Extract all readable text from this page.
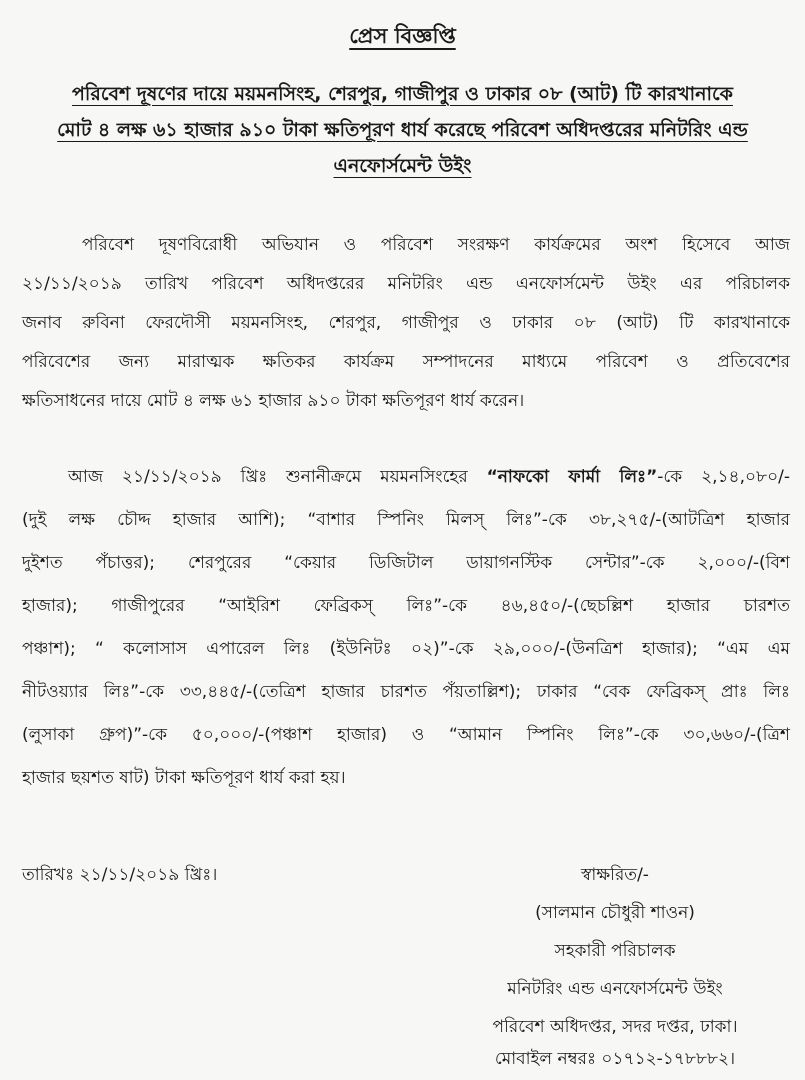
প্রেস বিজ্ঞপ্তি
পরিবেশ দূষণের দায়ে ময়মনসিংহ, শেরপুর, গাজীপুর ও ঢাকার ০৮ (আট) টি কারখানাকে
মোট ৪ লক্ষ ৬১ হাজার ৯১০ টাকা ক্ষতিপূরণ ধার্য করেছে পরিবেশ অধিদপ্তরের মনিটরিং এন্ড
এনফোর্সমেন্ট উইং
পরিবেশ দূষণবিরোধী অভিযান ও পরিবেশ সংরক্ষণ কার্যক্রমের অংশ হিসেবে আজ
২১/১১/২০১৯ তারিখ পরিবেশ অধিদপ্তরের মনিটরিং এন্ড এনফোর্সমেন্ট উইং এর পরিচালক
জনাব রুবিনা ফেরদৌসী ময়মনসিংহ, শেরপুর, গাজীপুর ও ঢাকার ০৮ (আট) টি কারখানাকে
পরিবেশের জন্য মারাত্মক ক্ষতিকর কার্যক্রম সম্পাদনের মাধ্যমে পরিবেশ ও প্রতিবেশের
ক্ষতিসাধনের দায়ে মোট ৪ লক্ষ ৬১ হাজার ৯১০ টাকা ক্ষতিপূরণ ধার্য করেন।
আজ ২১/১১/২০১৯ খ্রিঃ শুনানীক্রমে ময়মনসিংহের “নাফকো ফার্মা লিঃ”-কে ২,১৪,০৮০/-
(দুই লক্ষ চৌদ্দ হাজার আশি); “বাশার স্পিনিং মিলস্ লিঃ”-কে ৩৮,২৭৫/-(আটত্রিশ হাজার
দুইশত পঁচাত্তর); শেরপুরের “কেয়ার ডিজিটাল ডায়াগনস্টিক সেন্টার”-কে ২,০০০/-(বিশ
হাজার); গাজীপুরের “আইরিশ ফেব্রিকস্ লিঃ”-কে ৪৬,৪৫০/-(ছেচল্লিশ হাজার চারশত
পঞ্চাশ); “ কলোসাস এপারেল লিঃ (ইউনিটঃ ০২)”-কে ২৯,০০০/-(উনত্রিশ হাজার); “এম এম
নীটওয়্যার লিঃ”-কে ৩৩,৪৪৫/-(তেত্রিশ হাজার চারশত পঁয়তাল্লিশ); ঢাকার “বেক ফেব্রিকস্ প্রাঃ লিঃ
(লুসাকা গ্রুপ)”-কে ৫০,০০০/-(পঞ্চাশ হাজার) ও “আমান স্পিনিং লিঃ”-কে ৩০,৬৬০/-(ত্রিশ
হাজার ছয়শত ষাট) টাকা ক্ষতিপূরণ ধার্য করা হয়।
তারিখঃ ২১/১১/২০১৯ খ্রিঃ।	স্বাক্ষরিত/-
(সালমান চৌধুরী শাওন)
সহকারী পরিচালক
মনিটরিং এন্ড এনফোর্সমেন্ট উইং
পরিবেশ অধিদপ্তর, সদর দপ্তর, ঢাকা।
মোবাইল নম্বরঃ ০১৭১২-১৭৮৮৮২।
